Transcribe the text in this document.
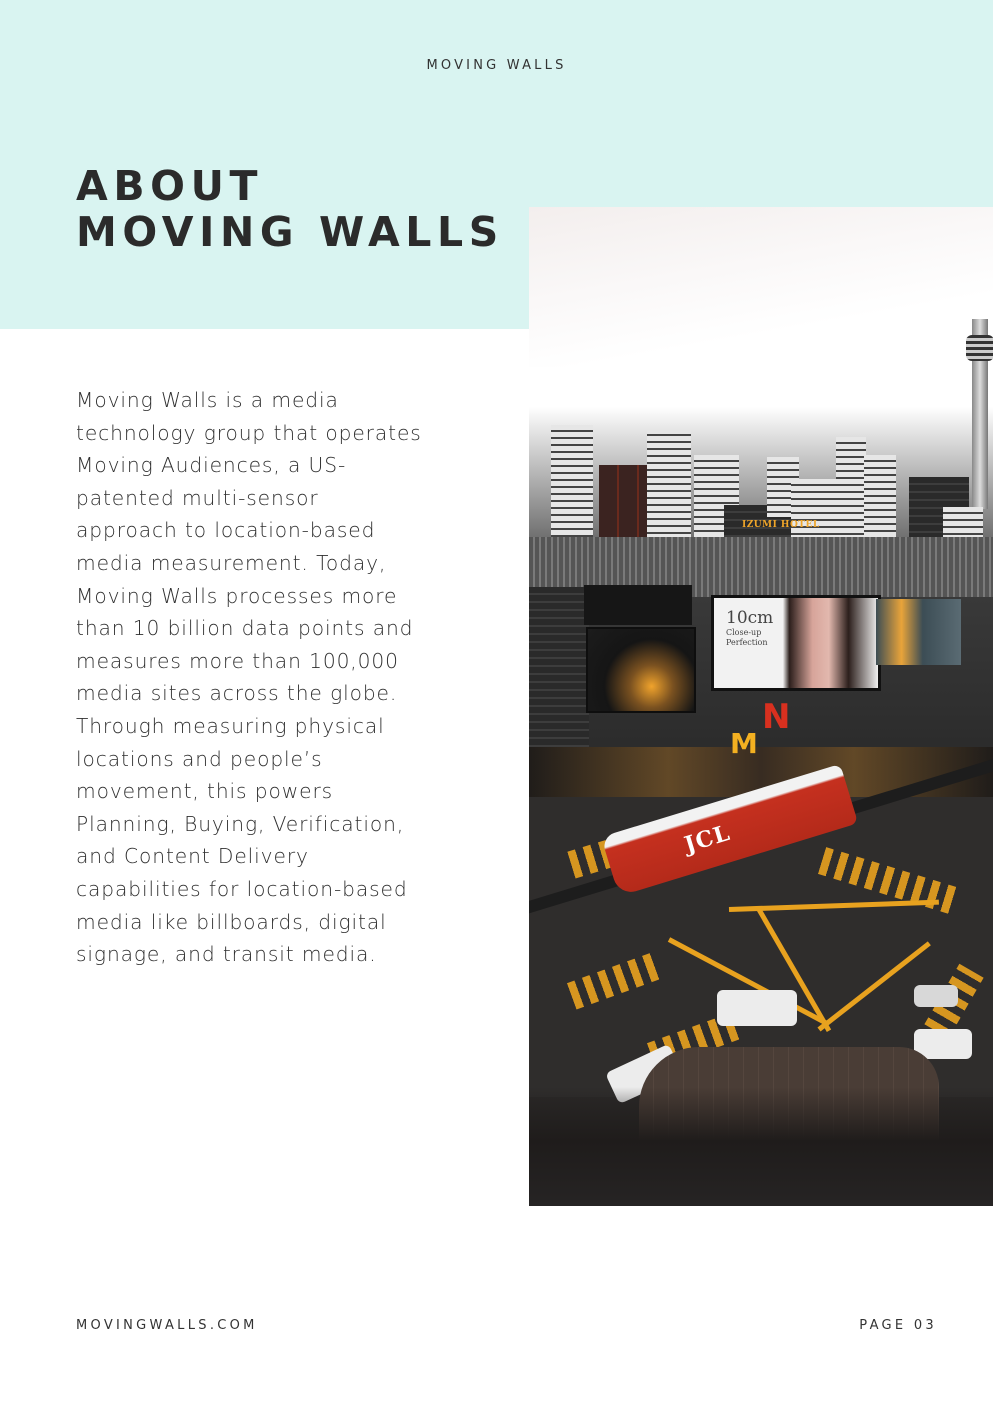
MOVING WALLS
ABOUT
MOVING WALLS

Moving Walls is a media
technology group that operates
Moving Audiences, a US-
patented multi-sensor
approach to location-based
media measurement. Today,
Moving Walls processes more
than 10 billion data points and
measures more than 100,000
media sites across the globe.
Through measuring physical
locations and people’s
movement, this powers
Planning, Buying, Verification,
and Content Delivery
capabilities for location-based
media like billboards, digital
signage, and transit media.

IZUMI HOTEL
10cm
Close-up
Perfection
N
M
JCL
MOVINGWALLS.COM	PAGE 03
